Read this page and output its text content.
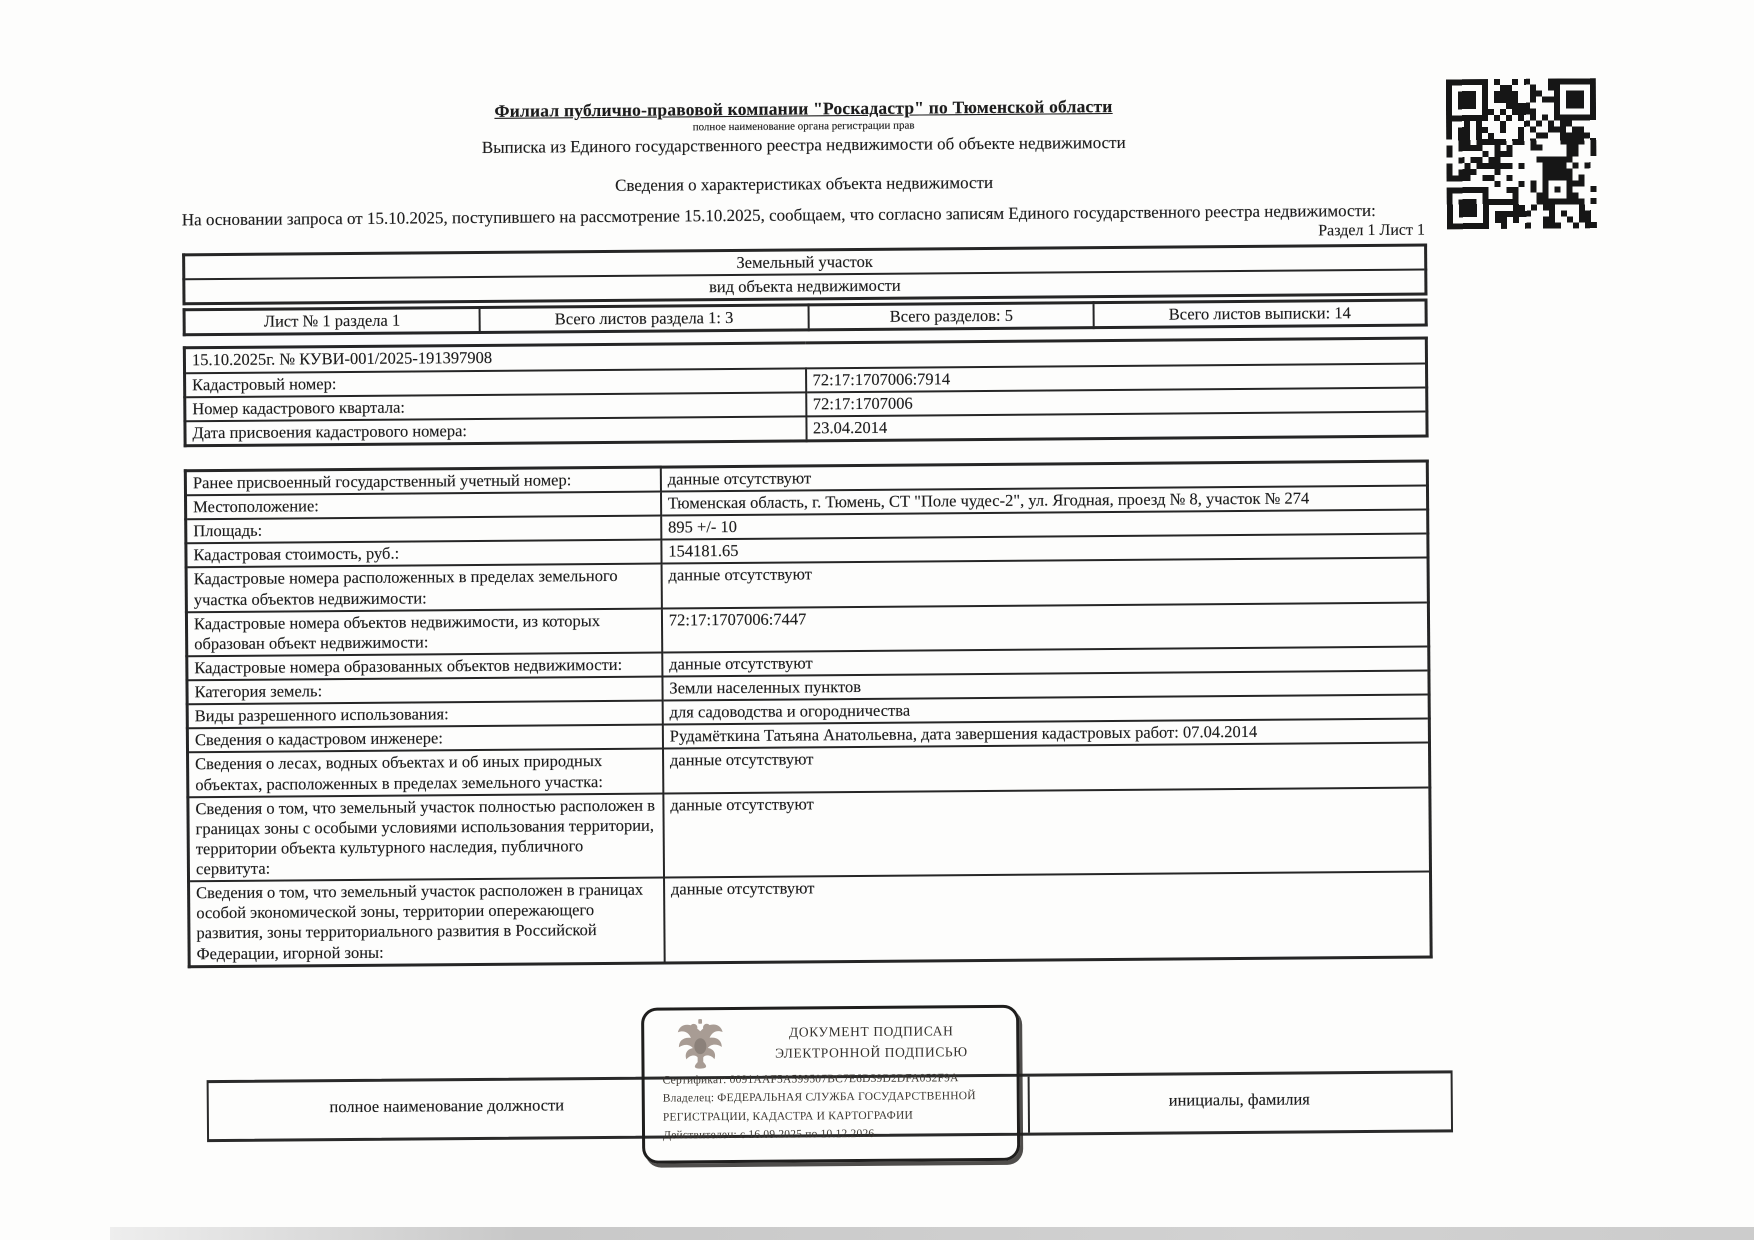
Филиал публично-правовой компании "Роскадастр" по Тюменской области
полное наименование органа регистрации прав
Выписка из Единого государственного реестра недвижимости об объекте недвижимости
Сведения о характеристиках объекта недвижимости
На основании запроса от 15.10.2025, поступившего на рассмотрение 15.10.2025, сообщаем, что согласно записям Единого государственного реестра недвижимости:
Раздел 1 Лист 1
Земельный участок
вид объекта недвижимости
Лист № 1 раздела 1	Всего листов раздела 1: 3	Всего разделов: 5	Всего листов выписки: 14
15.10.2025г. № КУВИ-001/2025-191397908	
Кадастровый номер:	72:17:1707006:7914
Номер кадастрового квартала:	72:17:1707006
Дата присвоения кадастрового номера:	23.04.2014
Ранее присвоенный государственный учетный номер:	данные отсутствуют
Местоположение:	Тюменская область, г. Тюмень, СТ "Поле чудес-2", ул. Ягодная, проезд № 8, участок № 274
Площадь:	895 +/- 10
Кадастровая стоимость, руб.:	154181.65
Кадастровые номера расположенных в пределах земельного участка объектов недвижимости:	данные отсутствуют
Кадастровые номера объектов недвижимости, из которых образован объект недвижимости:	72:17:1707006:7447
Кадастровые номера образованных объектов недвижимости:	данные отсутствуют
Категория земель:	Земли населенных пунктов
Виды разрешенного использования:	для садоводства и огородничества
Сведения о кадастровом инженере:	Рудамёткина Татьяна Анатольевна, дата завершения кадастровых работ: 07.04.2014
Сведения о лесах, водных объектах и об иных природных объектах, расположенных в пределах земельного участка:	данные отсутствуют
Сведения о том, что земельный участок полностью расположен в границах зоны с особыми условиями использования территории, территории объекта культурного наследия, публичного сервитута:	данные отсутствуют
Сведения о том, что земельный участок расположен в границах особой экономической зоны, территории опережающего развития, зоны территориального развития в Российской Федерации, игорной зоны:	данные отсутствуют
полное наименование должности	инициалы, фамилия
ДОКУМЕНТ ПОДПИСАН
ЭЛЕКТРОННОЙ ПОДПИСЬЮ
Сертификат: 0091AAF5A599507BC7E6D39D2DFA052F9A
Владелец: ФЕДЕРАЛЬНАЯ СЛУЖБА ГОСУДАРСТВЕННОЙ РЕГИСТРАЦИИ, КАДАСТРА И КАРТОГРАФИИ
Действителен: с 16.09.2025 по 10.12.2026
